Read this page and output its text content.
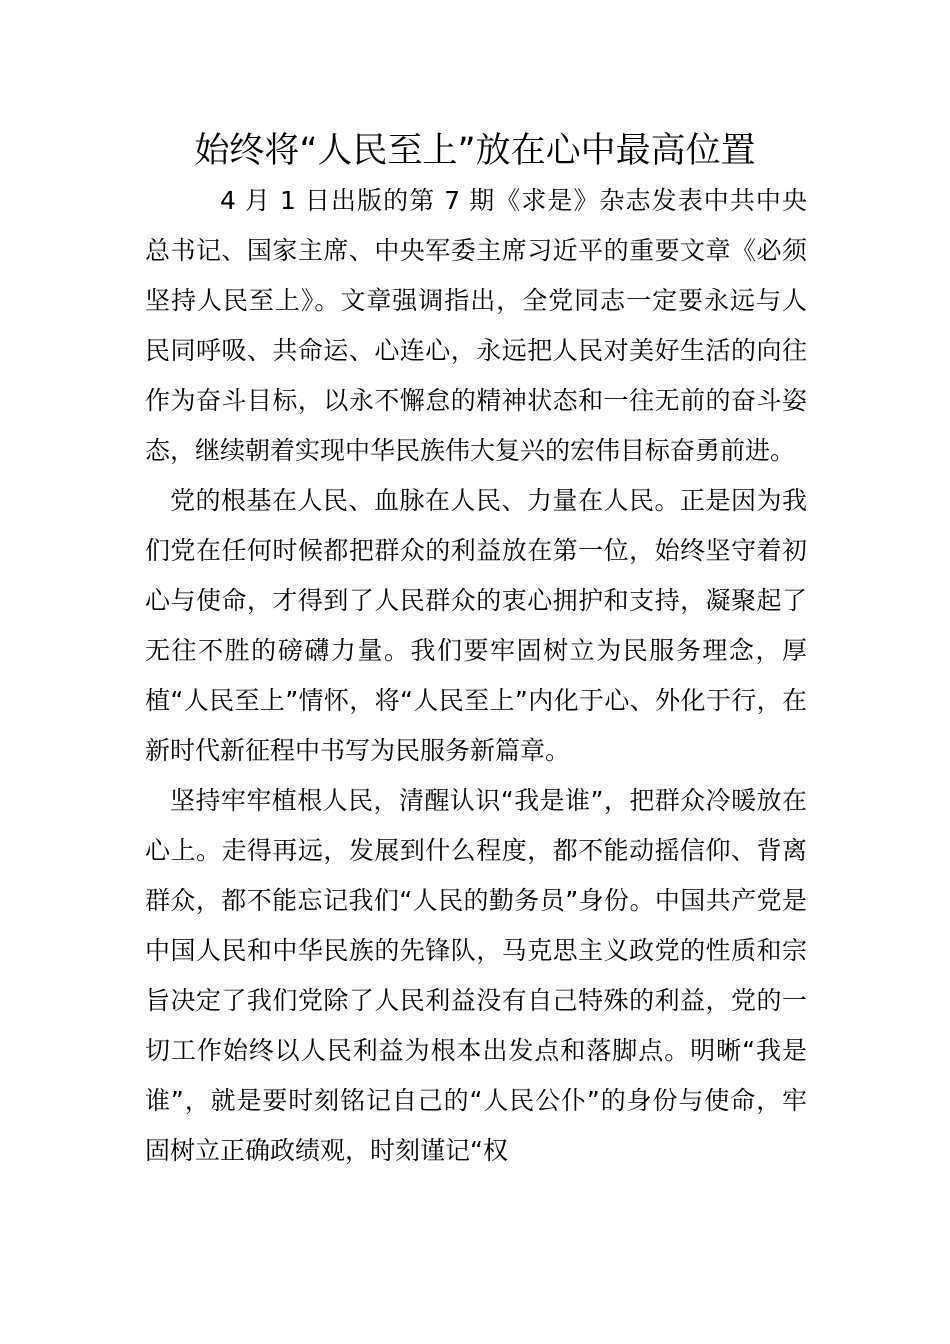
始终将“人民至上”放在心中最高位置

4 月 1 日出版的第 7 期《求是》杂志发表中共中央总书记、国家主席、中央军委主席习近平的重要文章《必须坚持人民至上》。文章强调指出，全党同志一定要永远与人民同呼吸、共命运、心连心，永远把人民对美好生活的向往作为奋斗目标，以永不懈怠的精神状态和一往无前的奋斗姿态，继续朝着实现中华民族伟大复兴的宏伟目标奋勇前进。

党的根基在人民、血脉在人民、力量在人民。正是因为我们党在任何时候都把群众的利益放在第一位，始终坚守着初心与使命，才得到了人民群众的衷心拥护和支持，凝聚起了无往不胜的磅礴力量。我们要牢固树立为民服务理念，厚植“人民至上”情怀，将“人民至上”内化于心、外化于行，在新时代新征程中书写为民服务新篇章。

坚持牢牢植根人民，清醒认识“我是谁”，把群众冷暖放在心上。走得再远，发展到什么程度，都不能动摇信仰、背离群众，都不能忘记我们“人民的勤务员”身份。中国共产党是中国人民和中华民族的先锋队，马克思主义政党的性质和宗旨决定了我们党除了人民利益没有自己特殊的利益，党的一切工作始终以人民利益为根本出发点和落脚点。明晰“我是谁”，就是要时刻铭记自己的“人民公仆”的身份与使命，牢固树立正确政绩观，时刻谨记“权
